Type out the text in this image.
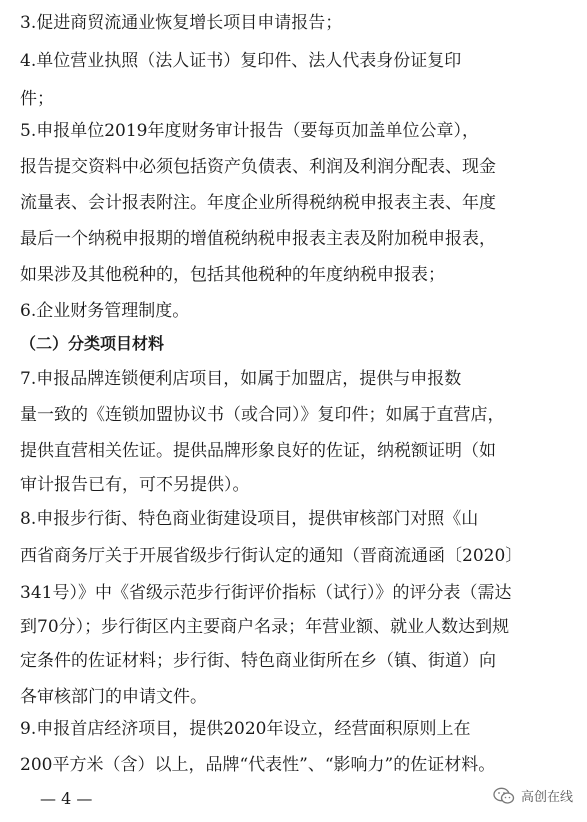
3.促进商贸流通业恢复增长项目申请报告；
4.单位营业执照（法人证书）复印件、法人代表身份证复印
件；
5.申报单位2019年度财务审计报告（要每页加盖单位公章），
报告提交资料中必须包括资产负债表、利润及利润分配表、现金
流量表、会计报表附注。年度企业所得税纳税申报表主表、年度
最后一个纳税申报期的增值税纳税申报表主表及附加税申报表，
如果涉及其他税种的，包括其他税种的年度纳税申报表；
6.企业财务管理制度。
（二）分类项目材料
7.申报品牌连锁便利店项目，如属于加盟店，提供与申报数
量一致的《连锁加盟协议书（或合同）》复印件；如属于直营店，
提供直营相关佐证。提供品牌形象良好的佐证，纳税额证明（如
审计报告已有，可不另提供）。
8.申报步行街、特色商业街建设项目，提供审核部门对照《山
西省商务厅关于开展省级步行街认定的通知（晋商流通函〔2020〕
341号）》中《省级示范步行街评价指标（试行）》的评分表（需达
到70分）；步行街区内主要商户名录；年营业额、就业人数达到规
定条件的佐证材料；步行街、特色商业街所在乡（镇、街道）向
各审核部门的申请文件。
9.申报首店经济项目，提供2020年设立，经营面积原则上在
200平方米（含）以上，品牌“代表性”、“影响力”的佐证材料。
— 4 —	高创在线
